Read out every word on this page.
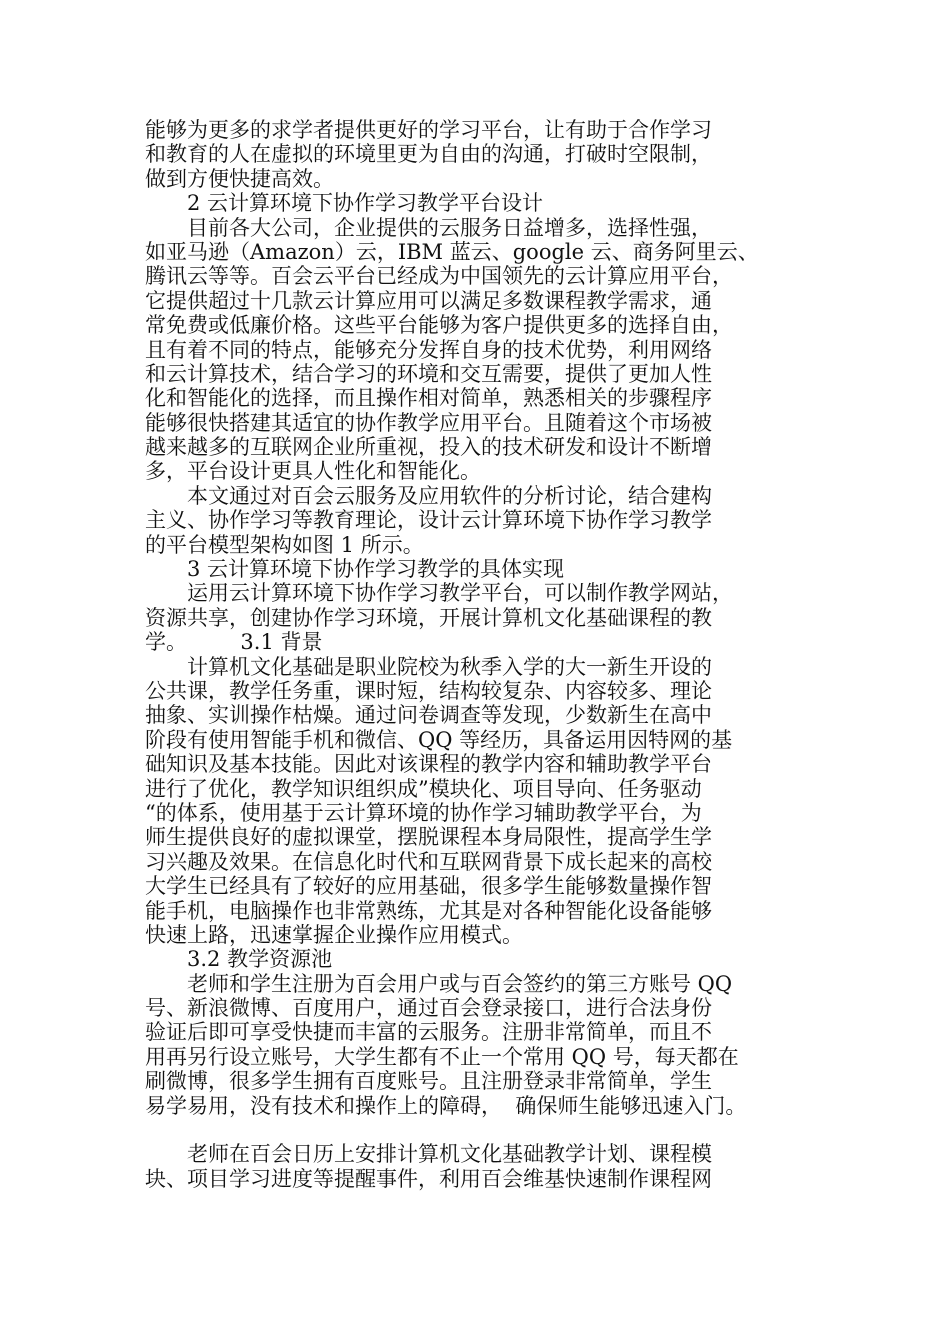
能够为更多的求学者提供更好的学习平台，让有助于合作学习
和教育的人在虚拟的环境里更为自由的沟通，打破时空限制，
做到方便快捷高效。
2 云计算环境下协作学习教学平台设计
目前各大公司，企业提供的云服务日益增多，选择性强，
如亚马逊（Amazon）云，IBM 蓝云、google 云、商务阿里云、
腾讯云等等。百会云平台已经成为中国领先的云计算应用平台，
它提供超过十几款云计算应用可以满足多数课程教学需求，通
常免费或低廉价格。这些平台能够为客户提供更多的选择自由，
且有着不同的特点，能够充分发挥自身的技术优势，利用网络
和云计算技术，结合学习的环境和交互需要，提供了更加人性
化和智能化的选择，而且操作相对简单，熟悉相关的步骤程序
能够很快搭建其适宜的协作教学应用平台。且随着这个市场被
越来越多的互联网企业所重视，投入的技术研发和设计不断增
多，平台设计更具人性化和智能化。
本文通过对百会云服务及应用软件的分析讨论，结合建构
主义、协作学习等教育理论，设计云计算环境下协作学习教学
的平台模型架构如图 1 所示。
3 云计算环境下协作学习教学的具体实现
运用云计算环境下协作学习教学平台，可以制作教学网站，
资源共享，创建协作学习环境，开展计算机文化基础课程的教
学。        3.1 背景
计算机文化基础是职业院校为秋季入学的大一新生开设的
公共课，教学任务重，课时短，结构较复杂、内容较多、理论
抽象、实训操作枯燥。通过问卷调查等发现，少数新生在高中
阶段有使用智能手机和微信、QQ 等经历，具备运用因特网的基
础知识及基本技能。因此对该课程的教学内容和辅助教学平台
进行了优化，教学知识组织成”模块化、项目导向、任务驱动
“的体系，使用基于云计算环境的协作学习辅助教学平台，为
师生提供良好的虚拟课堂，摆脱课程本身局限性，提高学生学
习兴趣及效果。在信息化时代和互联网背景下成长起来的高校
大学生已经具有了较好的应用基础，很多学生能够数量操作智
能手机，电脑操作也非常熟练，尤其是对各种智能化设备能够
快速上路，迅速掌握企业操作应用模式。
3.2 教学资源池
老师和学生注册为百会用户或与百会签约的第三方账号 QQ
号、新浪微博、百度用户，通过百会登录接口，进行合法身份
验证后即可享受快捷而丰富的云服务。注册非常简单，而且不
用再另行设立账号，大学生都有不止一个常用 QQ 号，每天都在
刷微博，很多学生拥有百度账号。且注册登录非常简单，学生
易学易用，没有技术和操作上的障碍，  确保师生能够迅速入门。
老师在百会日历上安排计算机文化基础教学计划、课程模
块、项目学习进度等提醒事件，利用百会维基快速制作课程网
